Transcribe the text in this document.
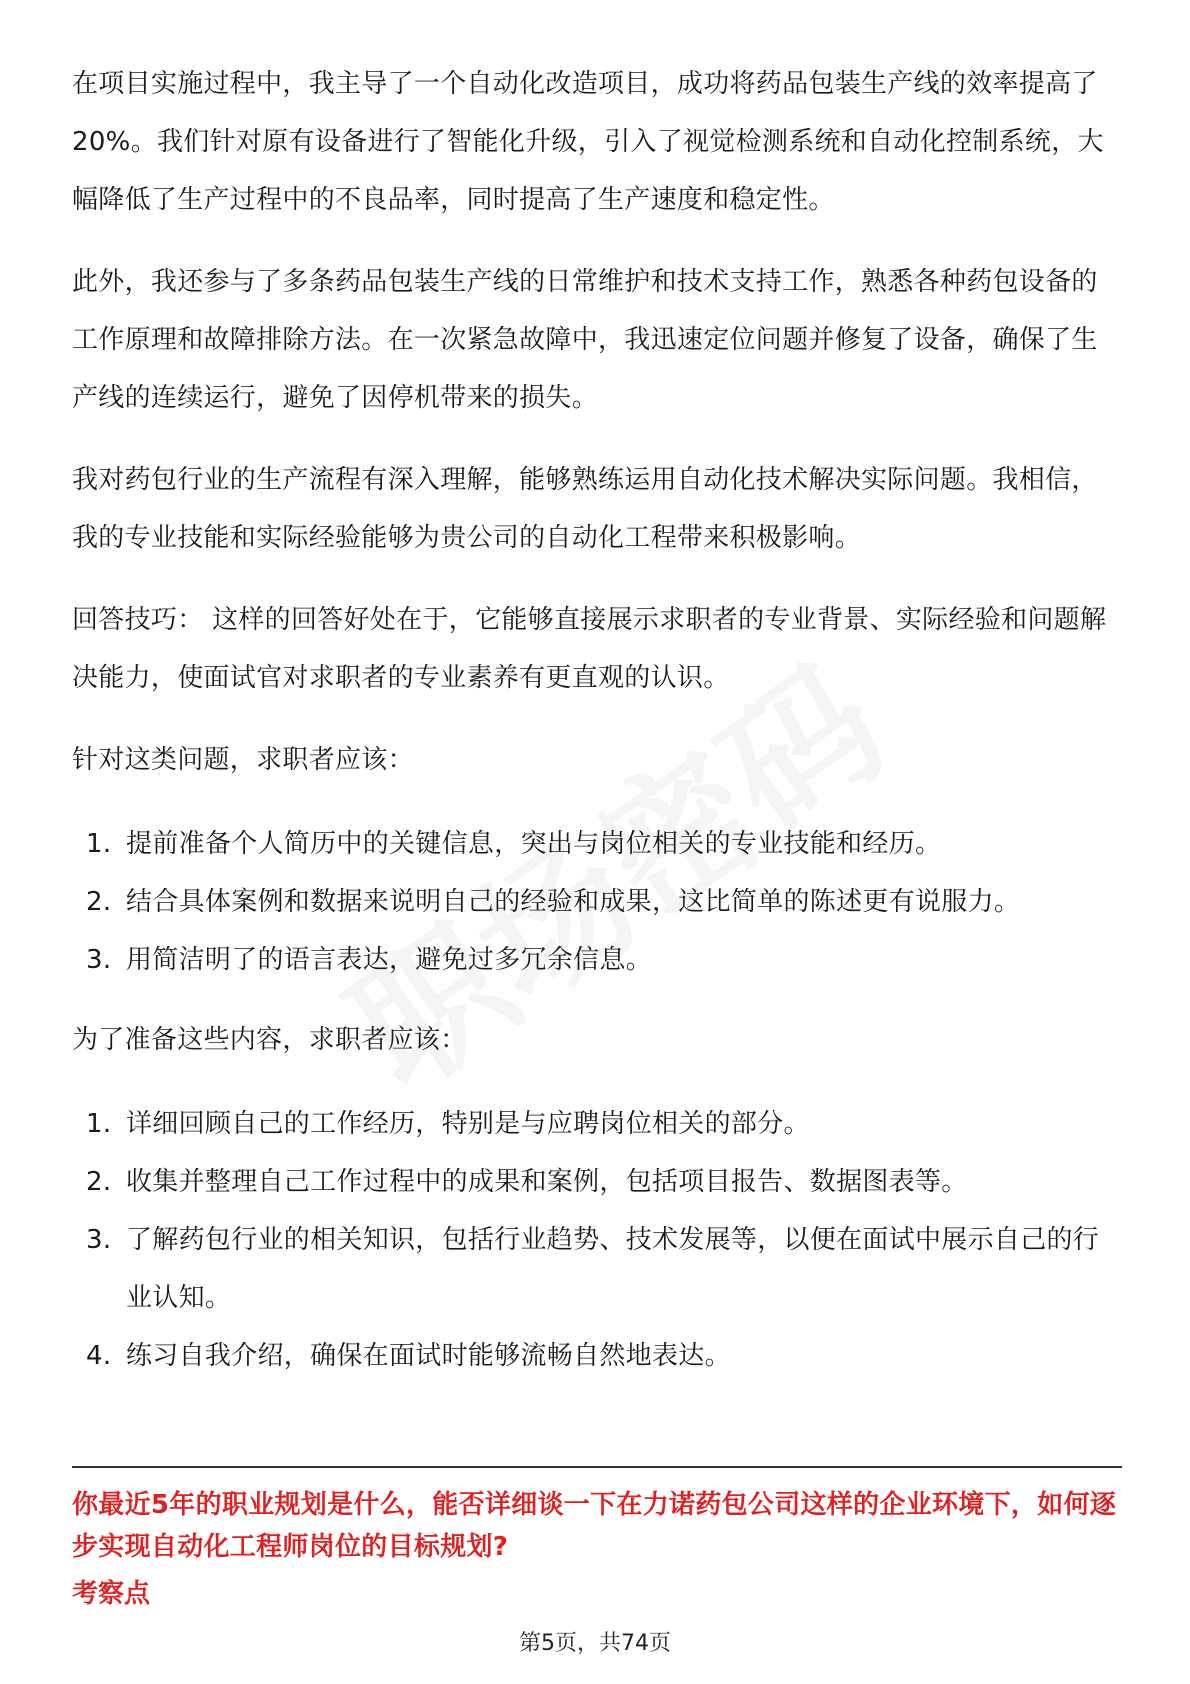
在项目实施过程中，我主导了一个自动化改造项目，成功将药品包装生产线的效率提高了20%。我们针对原有设备进行了智能化升级，引入了视觉检测系统和自动化控制系统，大幅降低了生产过程中的不良品率，同时提高了生产速度和稳定性。

此外，我还参与了多条药品包装生产线的日常维护和技术支持工作，熟悉各种药包设备的工作原理和故障排除方法。在一次紧急故障中，我迅速定位问题并修复了设备，确保了生产线的连续运行，避免了因停机带来的损失。

我对药包行业的生产流程有深入理解，能够熟练运用自动化技术解决实际问题。我相信，我的专业技能和实际经验能够为贵公司的自动化工程带来积极影响。

回答技巧： 这样的回答好处在于，它能够直接展示求职者的专业背景、实际经验和问题解决能力，使面试官对求职者的专业素养有更直观的认识。

针对这类问题，求职者应该：

1. 提前准备个人简历中的关键信息，突出与岗位相关的专业技能和经历。
2. 结合具体案例和数据来说明自己的经验和成果，这比简单的陈述更有说服力。
3. 用简洁明了的语言表达，避免过多冗余信息。

为了准备这些内容，求职者应该：

1. 详细回顾自己的工作经历，特别是与应聘岗位相关的部分。
2. 收集并整理自己工作过程中的成果和案例，包括项目报告、数据图表等。
3. 了解药包行业的相关知识，包括行业趋势、技术发展等，以便在面试中展示自己的行业认知。
4. 练习自我介绍，确保在面试时能够流畅自然地表达。
你最近5年的职业规划是什么，能否详细谈一下在力诺药包公司这样的企业环境下，如何逐步实现自动化工程师岗位的目标规划?
考察点
第5页，共74页
